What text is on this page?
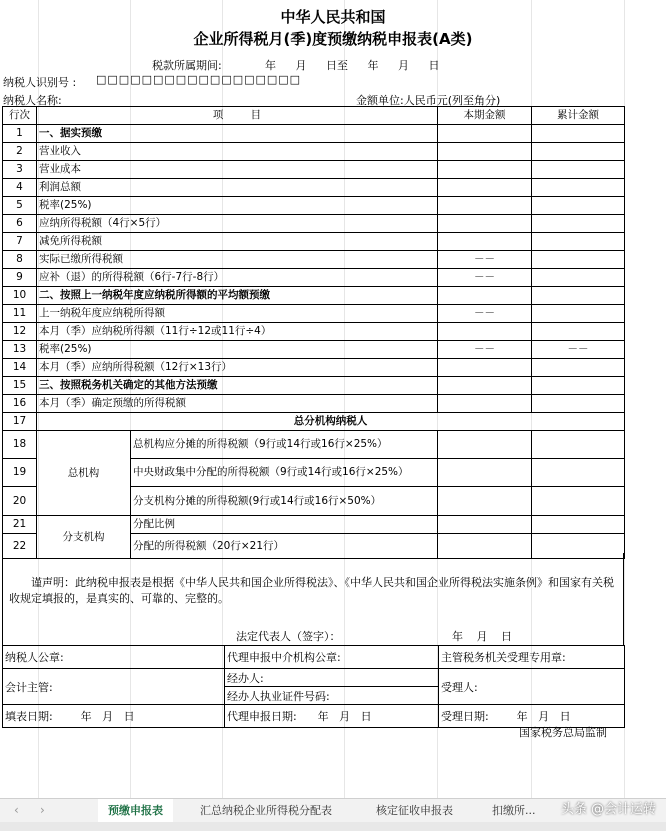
中华人民共和国
企业所得税月(季)度预缴纳税申报表(A类)
税款所属期间:	年 月 日至 年 月 日
纳税人识别号 : □□□□□□□□□□□□□□□□□□
纳税人名称:	金额单位:人民币元(列至角分)
行次	项 目		本期金额	累计金额
1	一、据实预缴			
2	营业收入			
3	营业成本			
4	利润总额			
5	税率(25%)			
6	应纳所得税额（4行×5行）			
7	减免所得税额			
8	实际已缴所得税额		－－	
9	应补（退）的所得税额（6行-7行-8行）		－－	
10	二、按照上一纳税年度应纳税所得额的平均额预缴			
11	上一纳税年度应纳税所得额		－－	
12	本月（季）应纳税所得额（11行÷12或11行÷4）			
13	税率(25%)		－－	－－
14	本月（季）应纳所得税额（12行×13行）			
15	三、按照税务机关确定的其他方法预缴			
16	本月（季）确定预缴的所得税额			
17	总分机构纳税人			
18	总机构	总机构应分摊的所得税额（9行或14行或16行×25%）		
19		中央财政集中分配的所得税额（9行或14行或16行×25%）		
20		分支机构分摊的所得税额(9行或14行或16行×50%）		
21	分支机构	分配比例		
22		分配的所得税额（20行×21行）		
谨声明：此纳税申报表是根据《中华人民共和国企业所得税法》、《中华人民共和国企业所得税法实施条例》和国家有关税收规定填报的，是真实的、可靠的、完整的。
法定代表人（签字）：	年 月 日
纳税人公章:	代理申报中介机构公章:	主管税务机关受理专用章:
会计主管:	经办人:	受理人:
	经办人执业证件号码:	
填表日期:        年   月   日	代理申报日期:      年   月   日	受理日期:        年   月   日
国家税务总局监制
‹ ›	预缴申报表	汇总纳税企业所得税分配表	核定征收申报表	扣缴所... 头条 @会计运转
